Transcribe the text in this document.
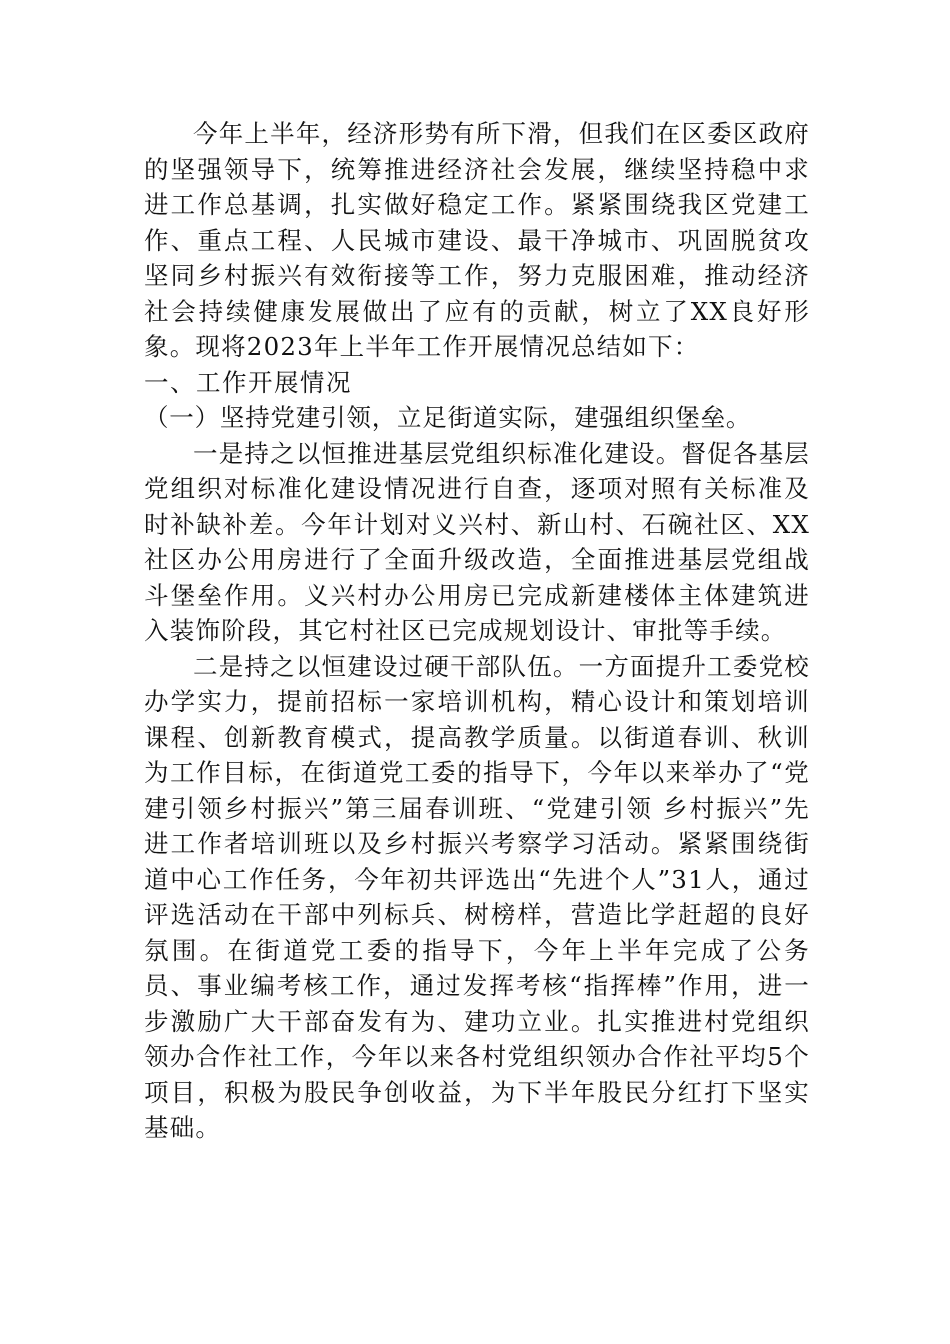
今年上半年，经济形势有所下滑，但我们在区委区政府的坚强领导下，统筹推进经济社会发展，继续坚持稳中求进工作总基调，扎实做好稳定工作。紧紧围绕我区党建工作、重点工程、人民城市建设、最干净城市、巩固脱贫攻坚同乡村振兴有效衔接等工作，努力克服困难，推动经济社会持续健康发展做出了应有的贡献，树立了XX良好形象。现将2023年上半年工作开展情况总结如下：

一、工作开展情况

（一）坚持党建引领，立足街道实际，建强组织堡垒。

一是持之以恒推进基层党组织标准化建设。督促各基层党组织对标准化建设情况进行自查，逐项对照有关标准及时补缺补差。今年计划对义兴村、新山村、石碗社区、XX社区办公用房进行了全面升级改造，全面推进基层党组战斗堡垒作用。义兴村办公用房已完成新建楼体主体建筑进入装饰阶段，其它村社区已完成规划设计、审批等手续。

二是持之以恒建设过硬干部队伍。一方面提升工委党校办学实力，提前招标一家培训机构，精心设计和策划培训课程、创新教育模式，提高教学质量。以街道春训、秋训为工作目标，在街道党工委的指导下，今年以来举办了“党建引领乡村振兴”第三届春训班、“党建引领 乡村振兴”先进工作者培训班以及乡村振兴考察学习活动。紧紧围绕街道中心工作任务，今年初共评选出“先进个人”31人，通过评选活动在干部中列标兵、树榜样，营造比学赶超的良好氛围。在街道党工委的指导下，今年上半年完成了公务员、事业编考核工作，通过发挥考核“指挥棒”作用，进一步激励广大干部奋发有为、建功立业。扎实推进村党组织领办合作社工作，今年以来各村党组织领办合作社平均5个项目，积极为股民争创收益，为下半年股民分红打下坚实基础。
